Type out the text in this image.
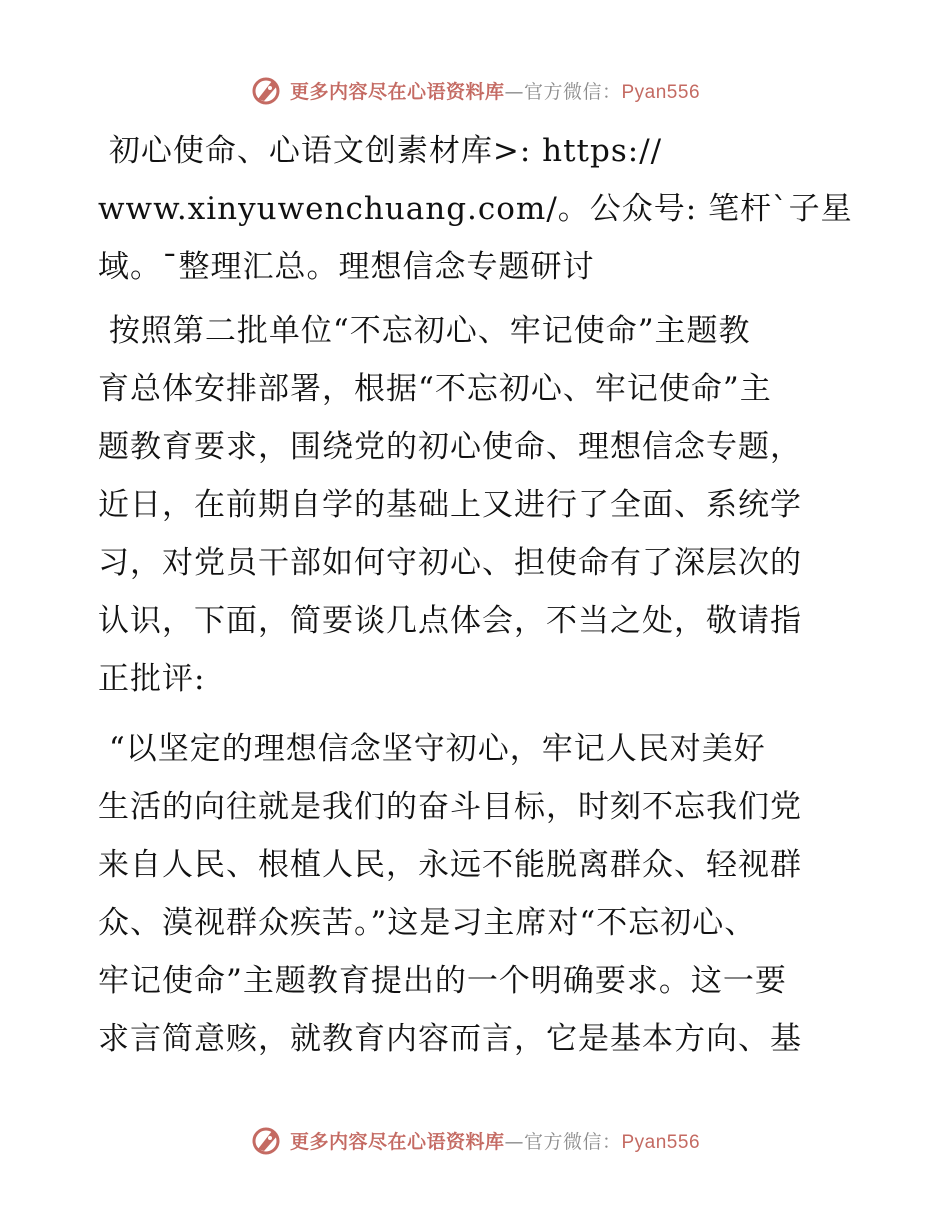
更多内容尽在心语资料库—官方微信：Pyan556
初心使命、心语文创素材库>: https://
www.xinyuwenchuang.com/。公众号: 笔杆ˋ子星
域。¯整理汇总。理想信念专题研讨
按照第二批单位“不忘初心、牢记使命”主题教
育总体安排部署，根据“不忘初心、牢记使命”主
题教育要求，围绕党的初心使命、理想信念专题，
近日，在前期自学的基础上又进行了全面、系统学
习，对党员干部如何守初心、担使命有了深层次的
认识，下面，简要谈几点体会，不当之处，敬请指
正批评:
“以坚定的理想信念坚守初心，牢记人民对美好
生活的向往就是我们的奋斗目标，时刻不忘我们党
来自人民、根植人民，永远不能脱离群众、轻视群
众、漠视群众疾苦。”这是习主席对“不忘初心、
牢记使命”主题教育提出的一个明确要求。这一要
求言简意赅，就教育内容而言，它是基本方向、基
更多内容尽在心语资料库—官方微信：Pyan556
